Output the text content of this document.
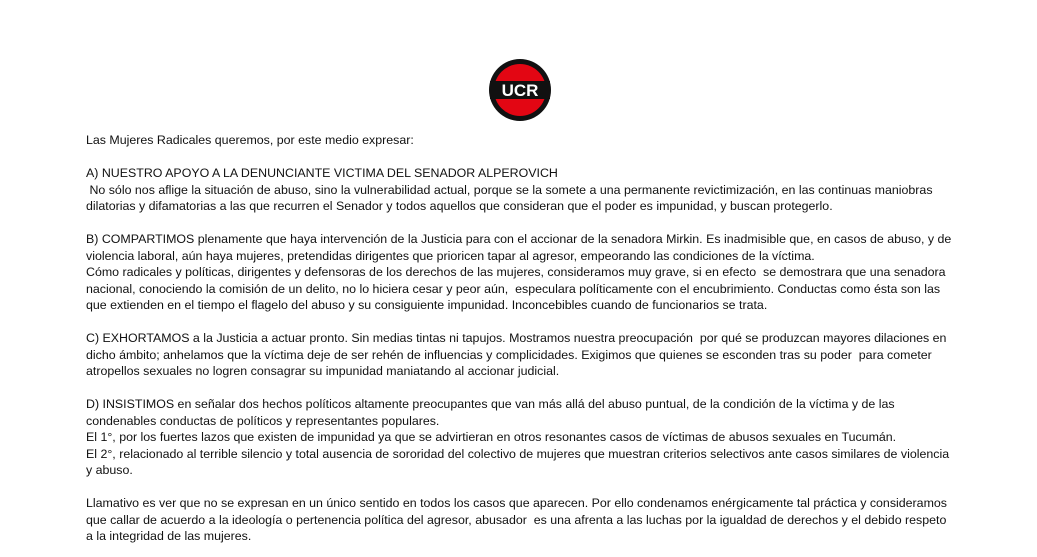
UCR

Las Mujeres Radicales queremos, por este medio expresar:

A) NUESTRO APOYO A LA DENUNCIANTE VICTIMA DEL SENADOR ALPEROVICH

No sólo nos aflige la situación de abuso, sino la vulnerabilidad actual, porque se la somete a una permanente revictimización, en las continuas maniobras

dilatorias y difamatorias a las que recurren el Senador y todos aquellos que consideran que el poder es impunidad, y buscan protegerlo.

B) COMPARTIMOS plenamente que haya intervención de la Justicia para con el accionar de la senadora Mirkin. Es inadmisible que, en casos de abuso, y de

violencia laboral, aún haya mujeres, pretendidas dirigentes que prioricen tapar al agresor, empeorando las condiciones de la víctima.

Cómo radicales y políticas, dirigentes y defensoras de los derechos de las mujeres, consideramos muy grave, si en efecto  se demostrara que una senadora

nacional, conociendo la comisión de un delito, no lo hiciera cesar y peor aún,  especulara políticamente con el encubrimiento. Conductas como ésta son las

que extienden en el tiempo el flagelo del abuso y su consiguiente impunidad. Inconcebibles cuando de funcionarios se trata.

C) EXHORTAMOS a la Justicia a actuar pronto. Sin medias tintas ni tapujos. Mostramos nuestra preocupación  por qué se produzcan mayores dilaciones en

dicho ámbito; anhelamos que la víctima deje de ser rehén de influencias y complicidades. Exigimos que quienes se esconden tras su poder  para cometer

atropellos sexuales no logren consagrar su impunidad maniatando al accionar judicial.

D) INSISTIMOS en señalar dos hechos políticos altamente preocupantes que van más allá del abuso puntual, de la condición de la víctima y de las

condenables conductas de políticos y representantes populares.

El 1°, por los fuertes lazos que existen de impunidad ya que se advirtieran en otros resonantes casos de víctimas de abusos sexuales en Tucumán.

El 2°, relacionado al terrible silencio y total ausencia de sororidad del colectivo de mujeres que muestran criterios selectivos ante casos similares de violencia

y abuso.

Llamativo es ver que no se expresan en un único sentido en todos los casos que aparecen. Por ello condenamos enérgicamente tal práctica y consideramos

que callar de acuerdo a la ideología o pertenencia política del agresor, abusador  es una afrenta a las luchas por la igualdad de derechos y el debido respeto

a la integridad de las mujeres.
